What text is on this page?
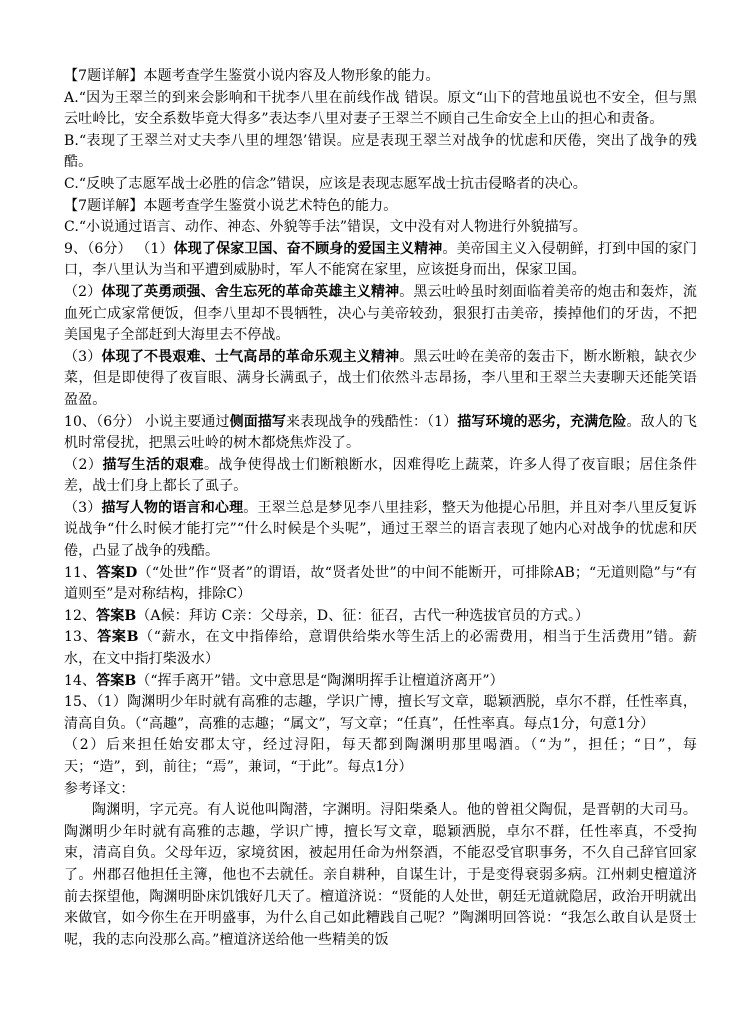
【7题详解】本题考查学生鉴赏小说内容及人物形象的能力。

A.“因为王翠兰的到来会影响和干扰李八里在前线作战 错误。原文“山下的营地虽说也不安全，但与黑云吐岭比，安全系数毕竟大得多”表达李八里对妻子王翠兰不顾自己生命安全上山的担心和责备。

B.“表现了王翠兰对丈夫李八里的埋怨’错误。应是表现王翠兰对战争的忧虑和厌倦，突出了战争的残酷。

C.“反映了志愿军战士必胜的信念”错误，应该是表现志愿军战士抗击侵略者的决心。

【7题详解】本题考查学生鉴赏小说艺术特色的能力。

C.“小说通过语言、动作、神态、外貌等手法”错误，文中没有对人物进行外貌描写。

9、（6分） （1）体现了保家卫国、奋不顾身的爱国主义精神。美帝国主义入侵朝鲜，打到中国的家门口，李八里认为当和平遭到威胁时，军人不能窝在家里，应该挺身而出，保家卫国。

（2）体现了英勇顽强、舍生忘死的革命英雄主义精神。黑云吐岭虽时刻面临着美帝的炮击和轰炸，流血死亡成家常便饭，但李八里却不畏牺牲，决心与美帝较劲，狠狠打击美帝，揍掉他们的牙齿，不把美国鬼子全部赶到大海里去不停战。

（3）体现了不畏艰难、士气高昂的革命乐观主义精神。黑云吐岭在美帝的轰击下，断水断粮，缺衣少菜，但是即使得了夜盲眼、满身长满虱子，战士们依然斗志昂扬，李八里和王翠兰夫妻聊天还能笑语盈盈。

10、（6分） 小说主要通过侧面描写来表现战争的残酷性：（1）描写环境的恶劣，充满危险。敌人的飞机时常侵扰，把黑云吐岭的树木都烧焦炸没了。

（2）描写生活的艰难。战争使得战士们断粮断水，因难得吃上蔬菜，许多人得了夜盲眼；居住条件差，战士们身上都长了虱子。

（3）描写人物的语言和心理。王翠兰总是梦见李八里挂彩，整天为他提心吊胆，并且对李八里反复诉说战争“什么时候才能打完”“什么时候是个头呢”，通过王翠兰的语言表现了她内心对战争的忧虑和厌倦，凸显了战争的残酷。

11、答案D（“处世”作“贤者”的谓语，故“贤者处世”的中间不能断开，可排除AB；“无道则隐”与“有道则至”是对称结构，排除C）

12、答案B（A候：拜访 C亲：父母亲，D、征：征召，古代一种选拔官员的方式。）

13、答案B（“薪水，在文中指俸给，意谓供给柴水等生活上的必需费用，相当于生活费用”错。薪水，在文中指打柴汲水）

14、答案B（“挥手离开”错。文中意思是“陶渊明挥手让檀道济离开”）

15、（1）陶渊明少年时就有高雅的志趣，学识广博，擅长写文章，聪颖洒脱，卓尔不群，任性率真，清高自负。（“高趣”，高雅的志趣；“属文”，写文章；“任真”，任性率真。每点1分，句意1分）

（2）后来担任始安郡太守，经过浔阳，每天都到陶渊明那里喝酒。（“为”，担任；“日”，每天；“造”，到，前往；“焉”，兼词，“于此”。每点1分）

参考译文：

陶渊明，字元亮。有人说他叫陶潜，字渊明。浔阳柴桑人。他的曾祖父陶侃，是晋朝的大司马。陶渊明少年时就有高雅的志趣，学识广博，擅长写文章，聪颖洒脱，卓尔不群，任性率真，不受拘束，清高自负。父母年迈，家境贫困，被起用任命为州祭酒，不能忍受官职事务，不久自己辞官回家了。州郡召他担任主簿，他也不去就任。亲自耕种，自谋生计，于是变得衰弱多病。江州刺史檀道济前去探望他，陶渊明卧床饥饿好几天了。檀道济说：“贤能的人处世，朝廷无道就隐居，政治开明就出来做官，如今你生在开明盛事，为什么自己如此糟践自己呢？”陶渊明回答说：“我怎么敢自认是贤士呢，我的志向没那么高。”檀道济送给他一些精美的饭
